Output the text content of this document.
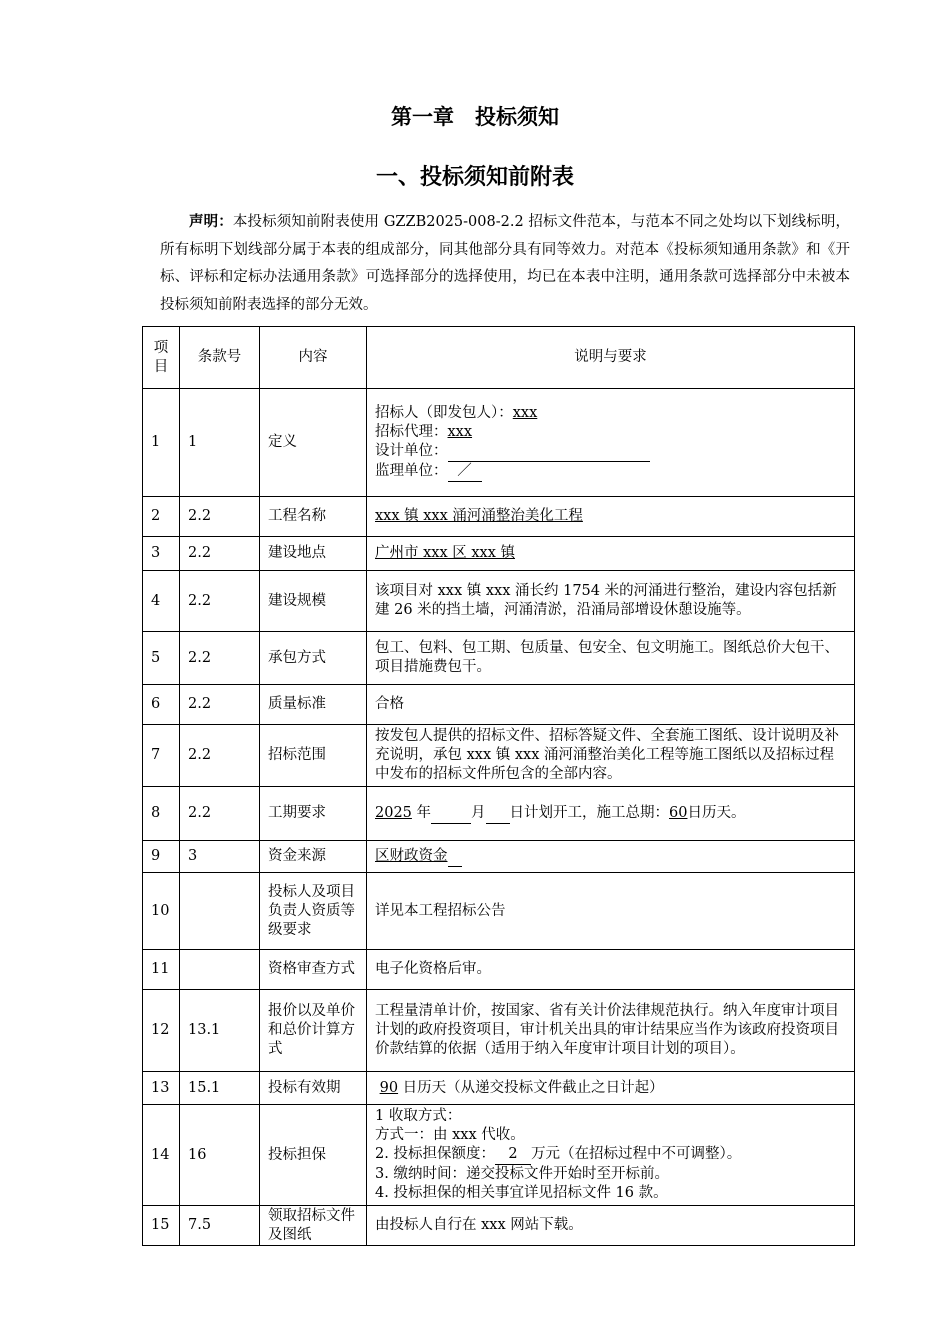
第一章　投标须知
一、投标须知前附表
声明：本投标须知前附表使用 GZZB2025-008-2.2 招标文件范本，与范本不同之处均以下划线标明，所有标明下划线部分属于本表的组成部分，同其他部分具有同等效力。对范本《投标须知通用条款》和《开标、评标和定标办法通用条款》可选择部分的选择使用，均已在本表中注明，通用条款可选择部分中未被本投标须知前附表选择的部分无效。
项目	条款号	内容	说明与要求
1	1	定义	招标人（即发包人）：xxx
招标代理：xxx
设计单位：
监理单位： ／

2	2.2	工程名称	xxx 镇 xxx 涌河涌整治美化工程
3	2.2	建设地点	广州市 xxx 区 xxx 镇
4	2.2	建设规模	该项目对 xxx 镇 xxx 涌长约 1754 米的河涌进行整治，建设内容包括新建 26 米的挡土墙，河涌清淤，沿涌局部增设休憩设施等。
5	2.2	承包方式	包工、包料、包工期、包质量、包安全、包文明施工。图纸总价大包干、项目措施费包干。
6	2.2	质量标准	合格
7	2.2	招标范围	按发包人提供的招标文件、招标答疑文件、全套施工图纸、设计说明及补充说明，承包 xxx 镇 xxx 涌河涌整治美化工程等施工图纸以及招标过程中发布的招标文件所包含的全部内容。
8	2.2	工期要求	2025 年 月 日计划开工，施工总期：60日历天。
9	3	资金来源	区财政资金
10		投标人及项目负责人资质等级要求	详见本工程招标公告
11		资格审查方式	电子化资格后审。
12	13.1	报价以及单价和总价计算方式	工程量清单计价，按国家、省有关计价法律规范执行。纳入年度审计项目计划的政府投资项目，审计机关出具的审计结果应当作为该政府投资项目价款结算的依据（适用于纳入年度审计项目计划的项目）。
13	15.1	投标有效期	90 日历天（从递交投标文件截止之日计起）
14	16	投标担保	1 收取方式：
方式一：由 xxx 代收。
2. 投标担保额度： 2 万元（在招标过程中不可调整）。
3. 缴纳时间：递交投标文件开始时至开标前。
4. 投标担保的相关事宜详见招标文件 16 款。

15	7.5	领取招标文件及图纸	由投标人自行在 xxx 网站下载。
